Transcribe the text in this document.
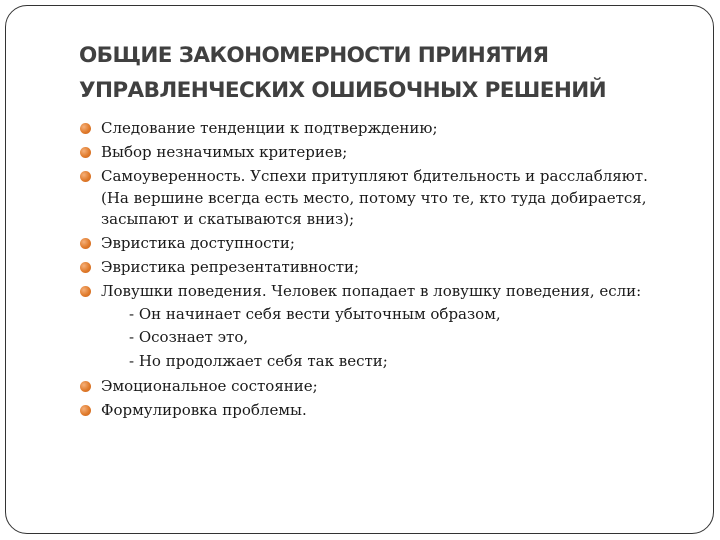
ОБЩИЕ ЗАКОНОМЕРНОСТИ ПРИНЯТИЯ
УПРАВЛЕНЧЕСКИХ ОШИБОЧНЫХ РЕШЕНИЙ
Следование тенденции к подтверждению;
Выбор незначимых критериев;
Самоуверенность. Успехи притупляют бдительность и расслабляют. (На вершине всегда есть место, потому что те, кто туда добирается, засыпают и скатываются вниз);
Эвристика доступности;
Эвристика репрезентативности;
Ловушки поведения. Человек попадает в ловушку поведения, если:
- Он начинает себя вести убыточным образом,
- Осознает это,
- Но продолжает себя так вести;
Эмоциональное состояние;
Формулировка проблемы.
